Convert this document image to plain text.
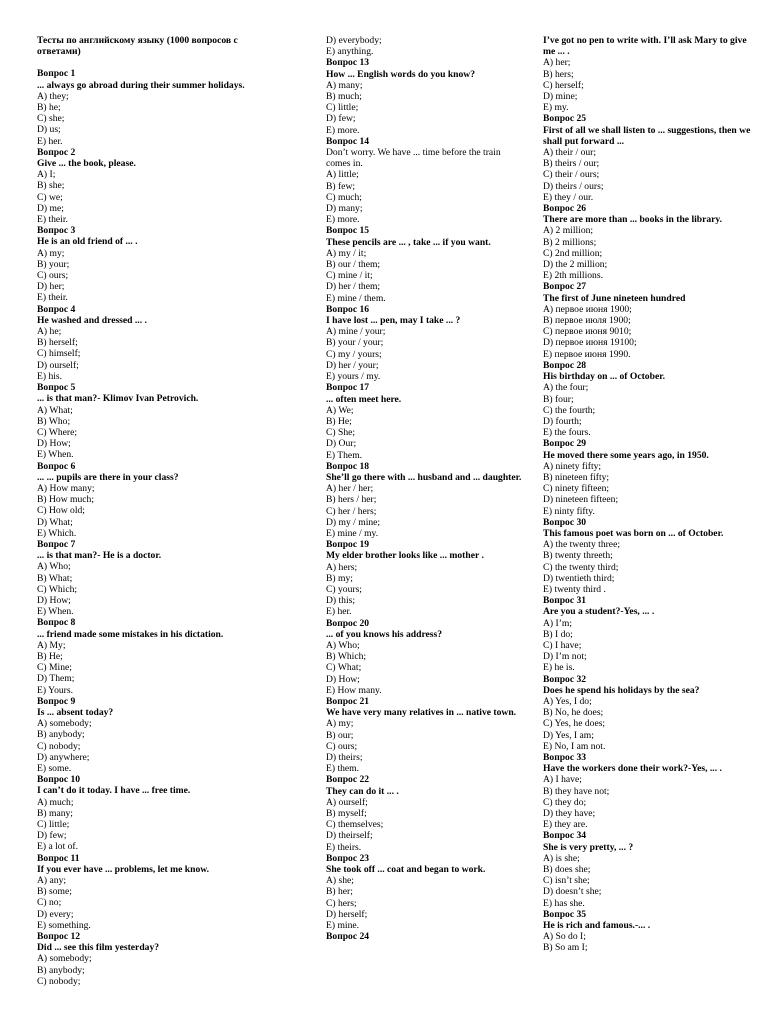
Тесты по английскому языку (1000 вопросов с ответами)
Вопрос 1
... always go abroad during their summer holidays.
A) they;
B) he;
C) she;
D) us;
E) her.
Вопрос 2
Give ... the book, please.
A) I;
B) she;
C) we;
D) me;
E) their.
Вопрос 3
He is an old friend of ... .
A) my;
B) your;
C) ours;
D) her;
E) their.
Вопрос 4
He washed and dressed ... .
A) he;
B) herself;
C) himself;
D) ourself;
E) his.
Вопрос 5
... is that man?- Klimov Ivan Petrovich.
A) What;
B) Who;
C) Where;
D) How;
E) When.
Вопрос 6
... ... pupils are there in your class?
A) How many;
B) How much;
C) How old;
D) What;
E) Which.
Вопрос 7
... is that man?- He is a doctor.
A) Who;
B) What;
C) Which;
D) How;
E) When.
Вопрос 8
... friend made some mistakes in his dictation.
A) My;
B) He;
C) Mine;
D) Them;
E) Yours.
Вопрос 9
Is ... absent today?
A) somebody;
B) anybody;
C) nobody;
D) anywhere;
E) some.
Вопрос 10
I can’t do it today. I have ... free time.
A) much;
B) many;
C) little;
D) few;
E) a lot of.
Вопрос 11
If you ever have ... problems, let me know.
A) any;
B) some;
C) no;
D) every;
E) something.
Вопрос 12
Did ... see this film yesterday?
A) somebody;
B) anybody;
C) nobody;
D) everybody;
E) anything.
Вопрос 13
How ... English words do you know?
A) many;
B) much;
C) little;
D) few;
E) more.
Вопрос 14
Don’t worry. We have ... time before the train comes in.
A) little;
B) few;
C) much;
D) many;
E) more.
Вопрос 15
These pencils are ... , take ... if you want.
A) my / it;
B) our / them;
C) mine / it;
D) her / them;
E) mine / them.
Вопрос 16
I have lost ... pen, may I take ... ?
A) mine / your;
B) your / your;
C) my / yours;
D) her / your;
E) yours / my.
Вопрос 17
... often meet here.
A) We;
B) He;
C) She;
D) Our;
E) Them.
Вопрос 18
She’ll go there with ... husband and ... daughter.
A) her / her;
B) hers / her;
C) her / hers;
D) my / mine;
E) mine / my.
Вопрос 19
My elder brother looks like ... mother .
A) hers;
B) my;
C) yours;
D) this;
E) her.
Вопрос 20
... of you knows his address?
A) Who;
B) Which;
C) What;
D) How;
E) How many.
Вопрос 21
We have very many relatives in ... native town.
A) my;
B) our;
C) ours;
D) theirs;
E) them.
Вопрос 22
They can do it ... .
A) ourself;
B) myself;
C) themselves;
D) theirself;
E) theirs.
Вопрос 23
She took off ... coat and began to work.
A) she;
B) her;
C) hers;
D) herself;
E) mine.
Вопрос 24
I’ve got no pen to write with. I’ll ask Mary to give me ... .
A) her;
B) hers;
C) herself;
D) mine;
E) my.
Вопрос 25
First of all we shall listen to ... suggestions, then we shall put forward ...
A) their / our;
B) theirs / our;
C) their / ours;
D) theirs / ours;
E) they / our.
Вопрос 26
There are more than ... books in the library.
A) 2 million;
B) 2 millions;
C) 2nd million;
D) the 2 million;
E) 2th millions.
Вопрос 27
The first of June nineteen hundred
A) первое июня 1900;
B) первое июля 1900;
C) первое июня 9010;
D) первое июня 19100;
E) первое июня 1990.
Вопрос 28
His birthday on ... of October.
A) the four;
B) four;
C) the fourth;
D) fourth;
E) the fours.
Вопрос 29
He moved there some years ago, in 1950.
A) ninety fifty;
B) nineteen fifty;
C) ninety fifteen;
D) nineteen fifteen;
E) ninty fifty.
Вопрос 30
This famous poet was born on ... of October.
A) the twenty three;
B) twenty threeth;
C) the twenty third;
D) twentieth third;
E) twenty third .
Вопрос 31
Are you a student?-Yes, ... .
A) I’m;
B) I do;
C) I have;
D) I’m not;
E) he is.
Вопрос 32
Does he spend his holidays by the sea?
A) Yes, I do;
B) No, he does;
C) Yes, he does;
D) Yes, I am;
E) No, I am not.
Вопрос 33
Have the workers done their work?-Yes, ... .
A) I have;
B) they have not;
C) they do;
D) they have;
E) they are.
Вопрос 34
She is very pretty, ... ?
A) is she;
B) does she;
C) isn’t she;
D) doesn’t she;
E) has she.
Вопрос 35
He is rich and famous.-... .
A) So do I;
B) So am I;
